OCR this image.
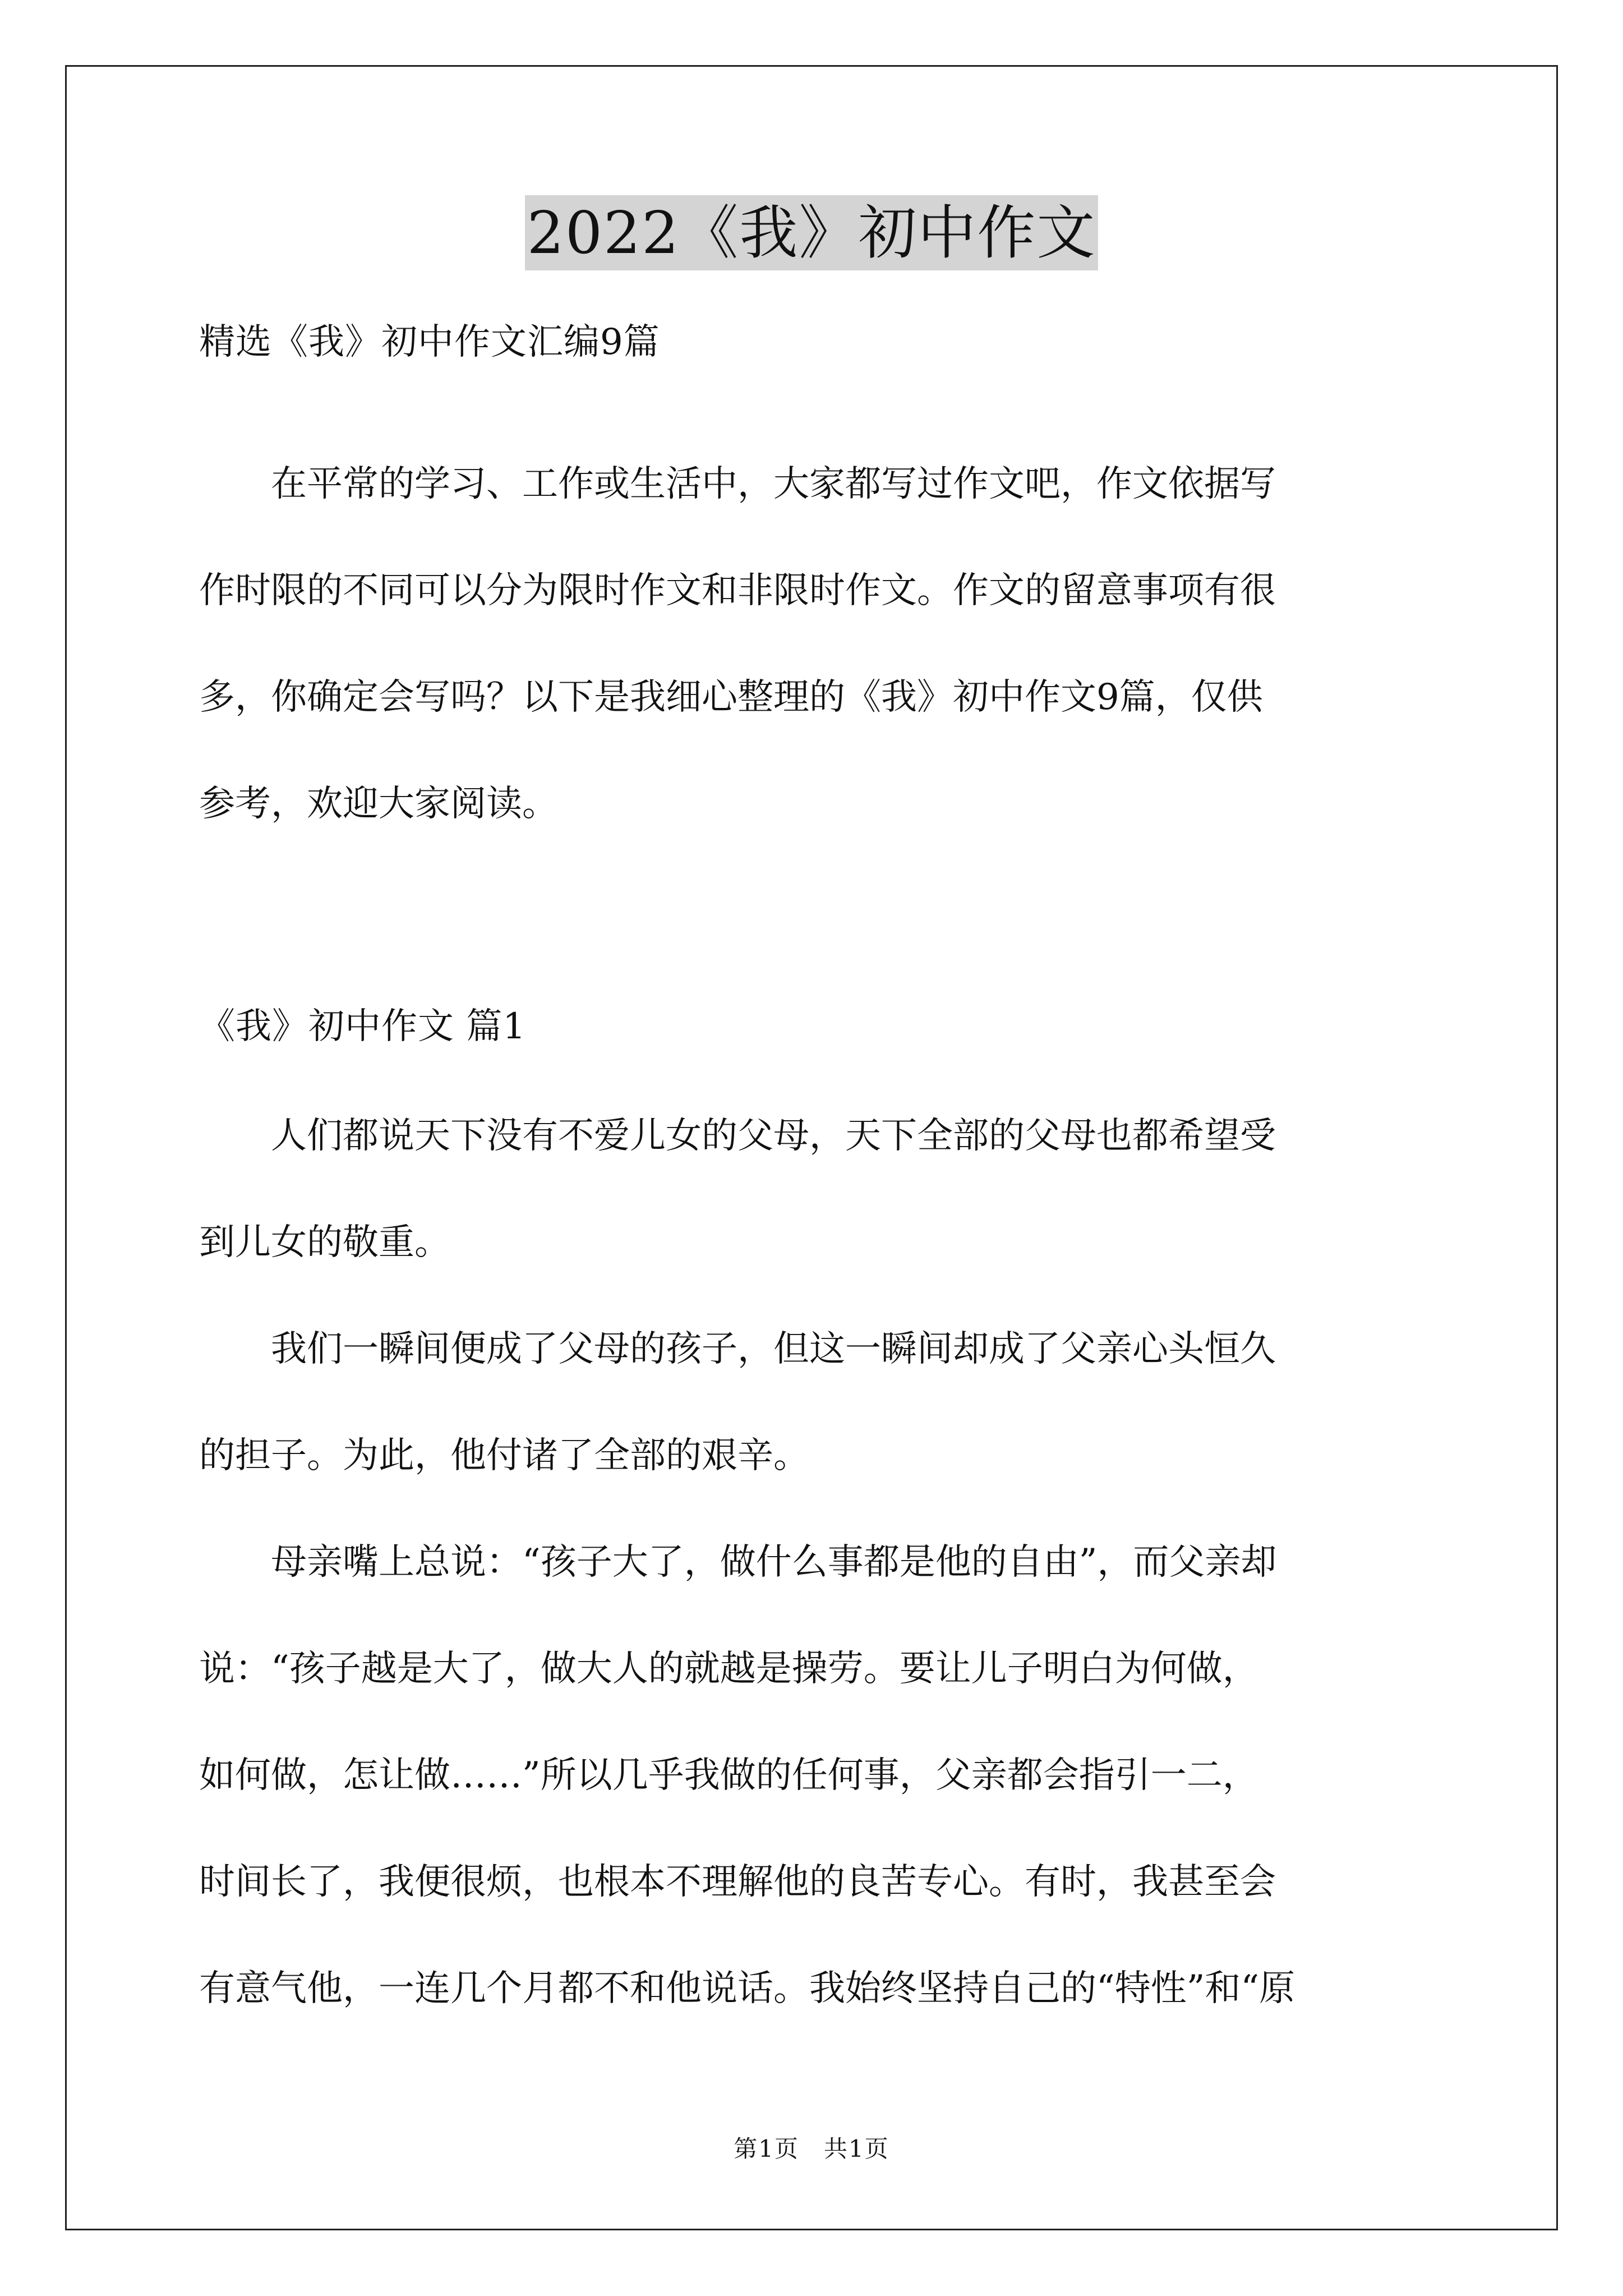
2022《我》初中作文
精选《我》初中作文汇编9篇
　　在平常的学习、工作或生活中，大家都写过作文吧，作文依据写
作时限的不同可以分为限时作文和非限时作文。作文的留意事项有很
多，你确定会写吗？以下是我细心整理的《我》初中作文9篇，仅供
参考，欢迎大家阅读。
《我》初中作文 篇1
　　人们都说天下没有不爱儿女的父母，天下全部的父母也都希望受
到儿女的敬重。
　　我们一瞬间便成了父母的孩子，但这一瞬间却成了父亲心头恒久
的担子。为此，他付诸了全部的艰辛。
　　母亲嘴上总说：“孩子大了，做什么事都是他的自由”，而父亲却
说：“孩子越是大了，做大人的就越是操劳。要让儿子明白为何做，
如何做，怎让做……”所以几乎我做的任何事，父亲都会指引一二，
时间长了，我便很烦，也根本不理解他的良苦专心。有时，我甚至会
有意气他，一连几个月都不和他说话。我始终坚持自己的“特性”和“原
第1页　共1页
